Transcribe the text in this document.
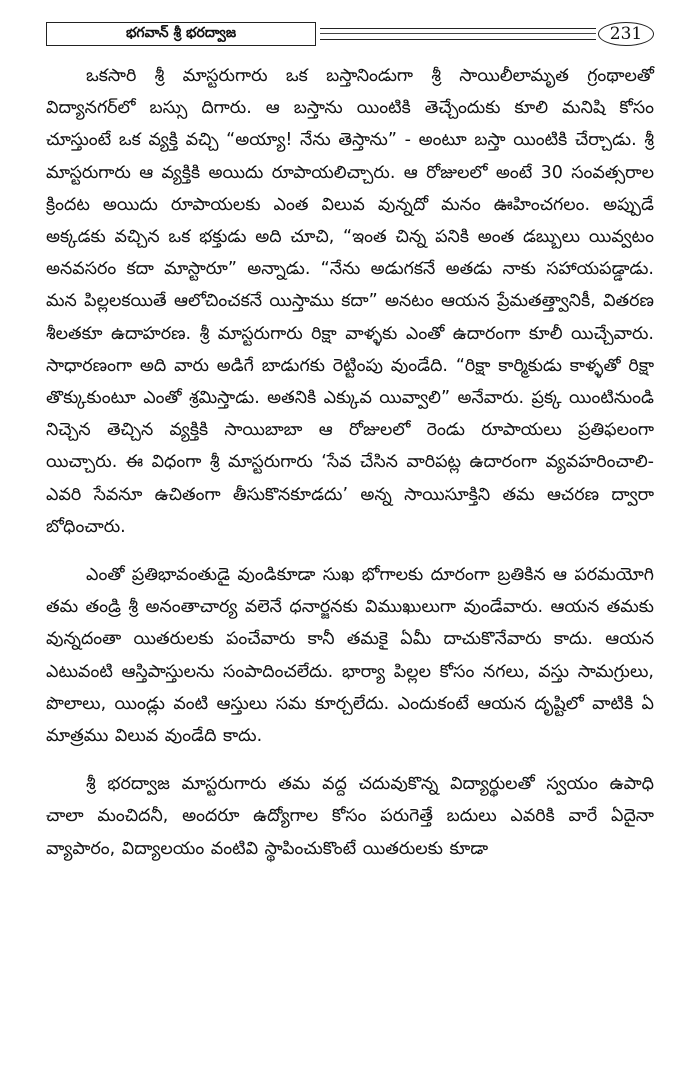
భగవాన్ శ్రీ భరద్వాజ	231

ఒకసారి శ్రీ మాస్టరుగారు ఒక బస్తానిండుగా శ్రీ సాయిలీలామృత గ్రంథాలతో విద్యానగర్‌లో బస్సు దిగారు. ఆ బస్తాను యింటికి తెచ్చేందుకు కూలి మనిషి కోసం చూస్తుంటే ఒక వ్యక్తి వచ్చి “అయ్యా! నేను తెస్తాను” - అంటూ బస్తా యింటికి చేర్చాడు. శ్రీ మాస్టరుగారు ఆ వ్యక్తికి అయిదు రూపాయలిచ్చారు. ఆ రోజులలో అంటే 30 సంవత్సరాల క్రిందట అయిదు రూపాయలకు ఎంత విలువ వున్నదో మనం ఊహించగలం. అప్పుడే అక్కడకు వచ్చిన ఒక భక్తుడు అది చూచి, “ఇంత చిన్న పనికి అంత డబ్బులు యివ్వటం అనవసరం కదా మాస్టారూ” అన్నాడు. “నేను అడుగకనే అతడు నాకు సహాయపడ్డాడు. మన పిల్లలకయితే ఆలోచించకనే యిస్తాము కదా” అనటం ఆయన ప్రేమతత్త్వానికీ, వితరణ శీలతకూ ఉదాహరణ. శ్రీ మాస్టరుగారు రిక్షా వాళ్ళకు ఎంతో ఉదారంగా కూలీ యిచ్చేవారు. సాధారణంగా అది వారు అడిగే బాడుగకు రెట్టింపు వుండేది. “రిక్షా కార్మికుడు కాళ్ళతో రిక్షా తొక్కుకుంటూ ఎంతో శ్రమిస్తాడు. అతనికి ఎక్కువ యివ్వాలి” అనేవారు. ప్రక్క యింటినుండి నిచ్చెన తెచ్చిన వ్యక్తికి సాయిబాబా ఆ రోజులలో రెండు రూపాయలు ప్రతిఫలంగా యిచ్చారు. ఈ విధంగా శ్రీ మాస్టరుగారు ‘సేవ చేసిన వారిపట్ల ఉదారంగా వ్యవహరించాలి-ఎవరి సేవనూ ఉచితంగా తీసుకొనకూడదు’ అన్న సాయిసూక్తిని తమ ఆచరణ ద్వారా బోధించారు.

ఎంతో ప్రతిభావంతుడై వుండికూడా సుఖ భోగాలకు దూరంగా బ్రతికిన ఆ పరమయోగి తమ తండ్రి శ్రీ అనంతాచార్య వలెనే ధనార్జనకు విముఖులుగా వుండేవారు. ఆయన తమకు వున్నదంతా యితరులకు పంచేవారు కానీ తమకై ఏమీ దాచుకొనేవారు కాదు. ఆయన ఎటువంటి ఆస్తిపాస్తులను సంపాదించలేదు. భార్యా పిల్లల కోసం నగలు, వస్తు సామగ్రులు, పొలాలు, యిండ్లు వంటి ఆస్తులు సమ కూర్చలేదు. ఎందుకంటే ఆయన దృష్టిలో వాటికి ఏ మాత్రము విలువ వుండేది కాదు.

శ్రీ భరద్వాజ మాస్టరుగారు తమ వద్ద చదువుకొన్న విద్యార్థులతో స్వయం ఉపాధి చాలా మంచిదనీ, అందరూ ఉద్యోగాల కోసం పరుగెత్తే బదులు ఎవరికి వారే ఏదైనా వ్యాపారం, విద్యాలయం వంటివి స్థాపించుకొంటే యితరులకు కూడా
